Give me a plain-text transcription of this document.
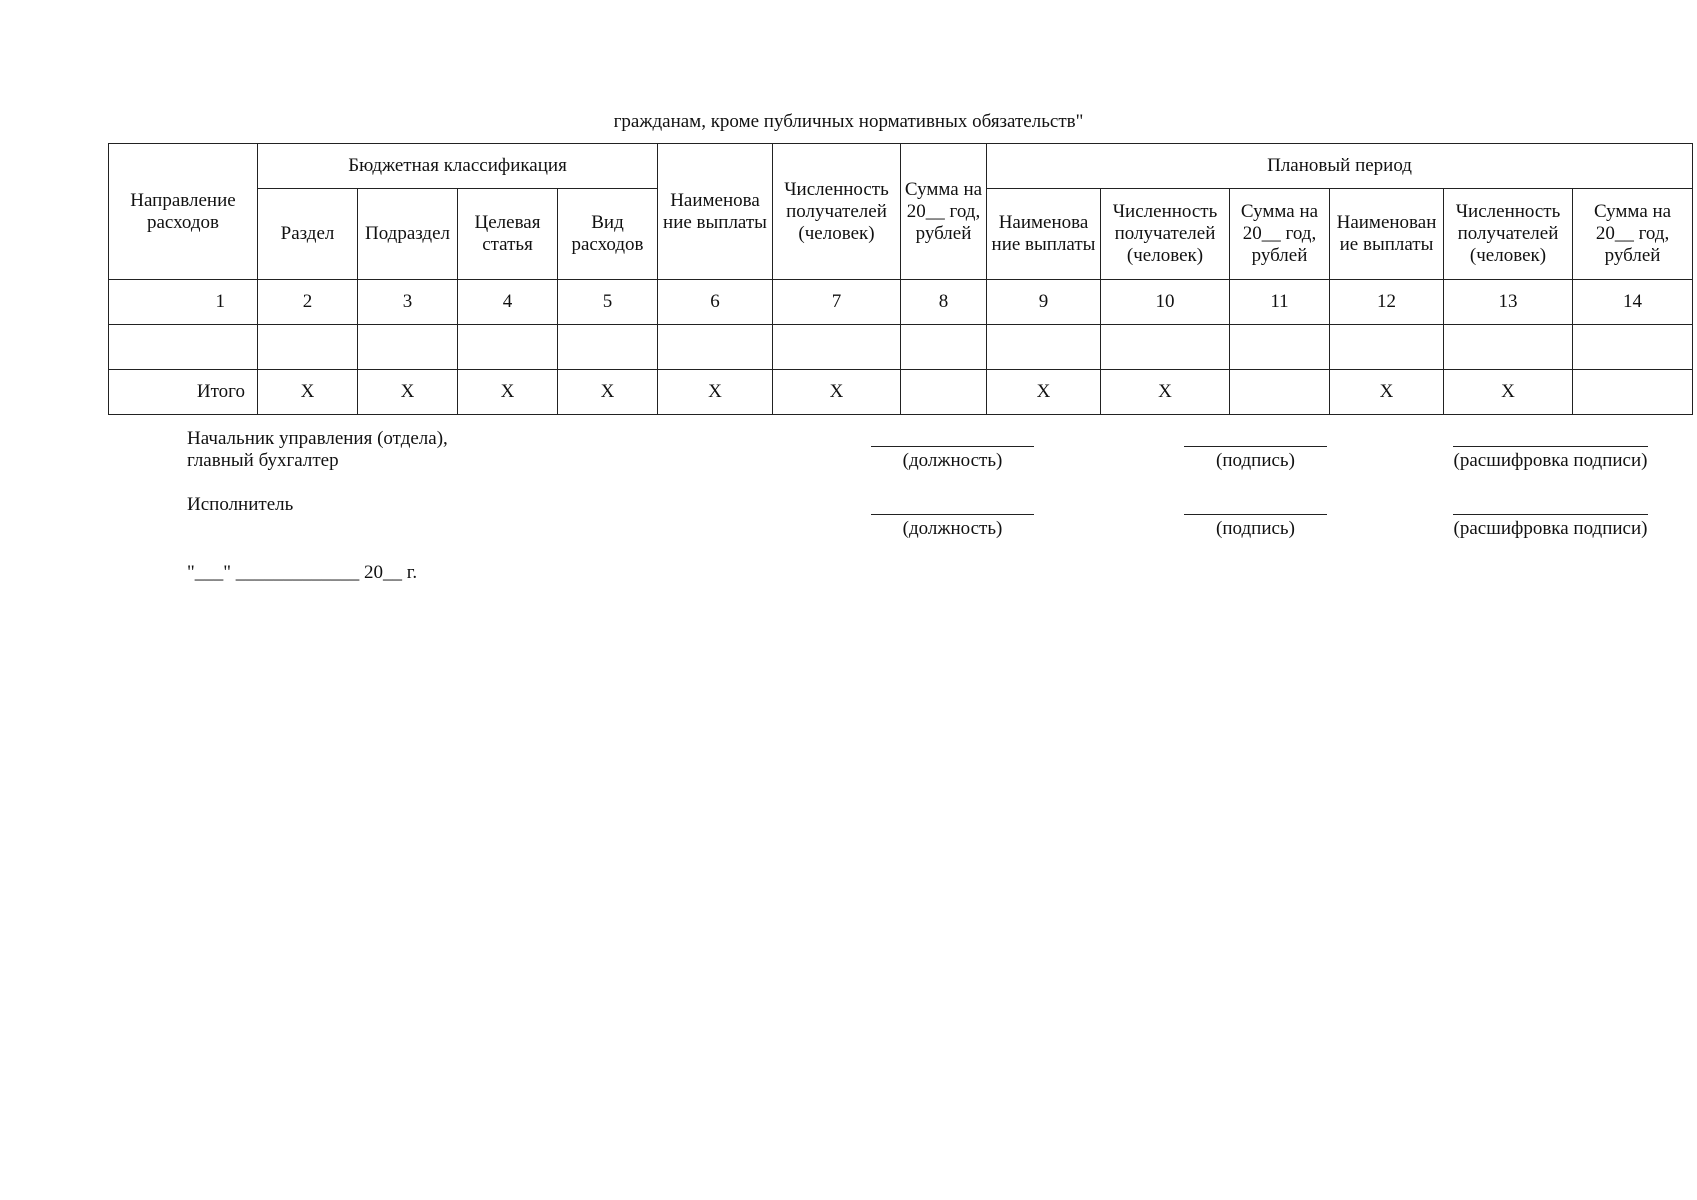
гражданам, кроме публичных нормативных обязательств"
Направление расходов	Бюджетная классификация				Наименова ние выплаты	Численность получателей (человек)	Сумма на 20__ год, рублей	Плановый период					
	Раздел	Подраздел	Целевая статья	Вид расходов				Наименова ние выплаты	Численность получателей (человек)	Сумма на 20__ год, рублей	Наименован ие выплаты	Численность получателей (человек)	Сумма на 20__ год, рублей
1	2	3	4	5	6	7	8	9	10	11	12	13	14

Итого	X	X	X	X	X	X		X	X		X	X	
Начальник управления (отдела),
главный бухгалтер	(должность)	(подпись)	(расшифровка подписи)
Исполнитель
(должность)	(подпись)	(расшифровка подписи)
"___" _____________ 20__ г.
